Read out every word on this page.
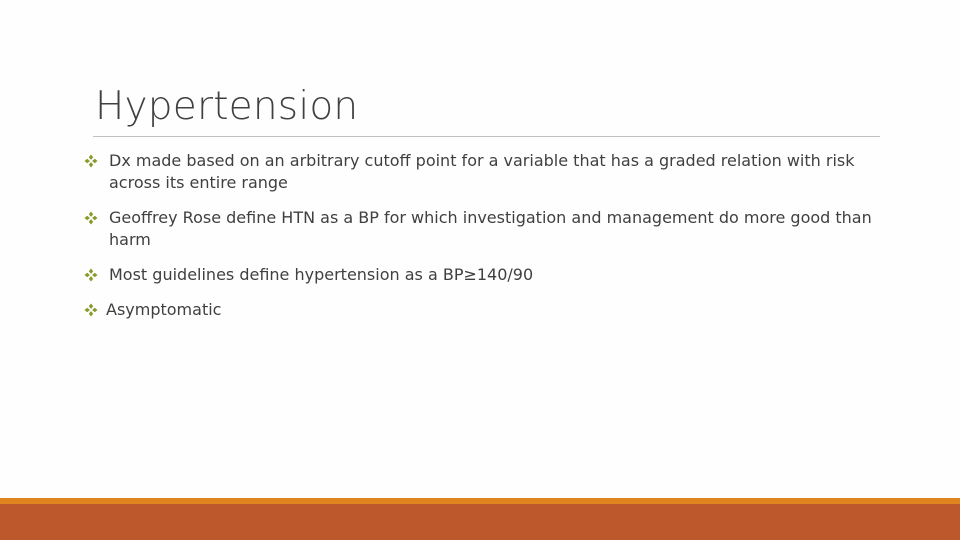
Hypertension
Dx made based on an arbitrary cutoff point for a variable that has a graded relation with risk across its entire range
Geoffrey Rose define HTN as a BP for which investigation and management do more good than harm
Most guidelines define hypertension as a BP≥140/90
Asymptomatic
